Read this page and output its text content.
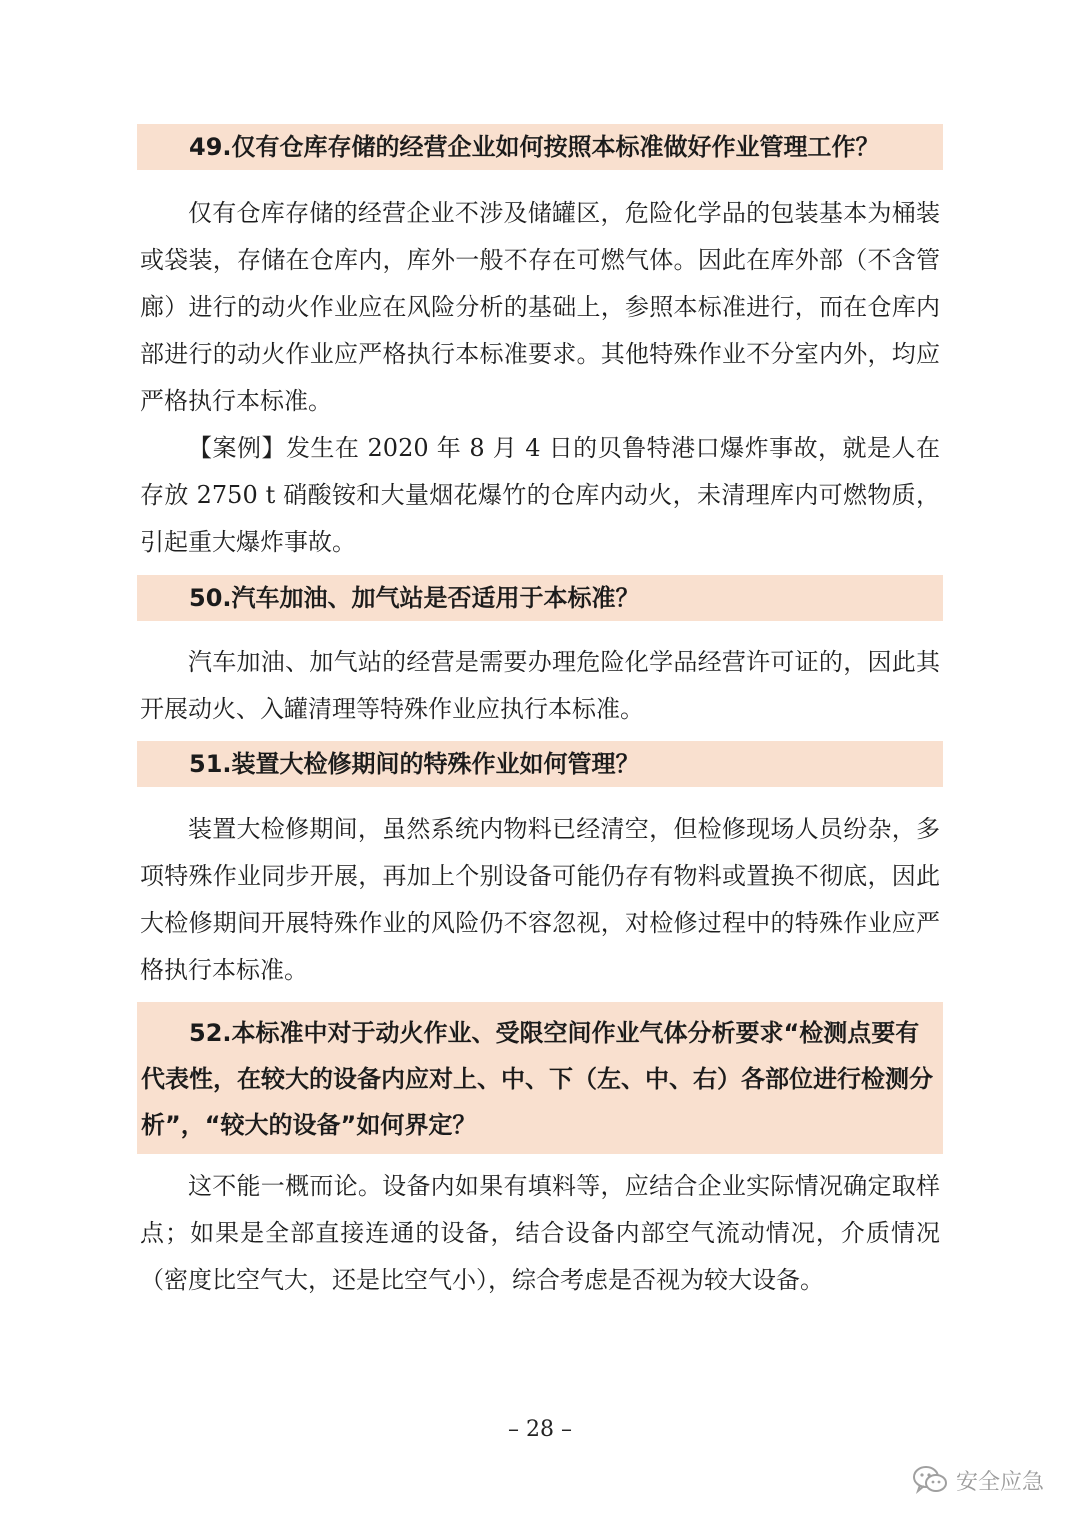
49.仅有仓库存储的经营企业如何按照本标准做好作业管理工作？

仅有仓库存储的经营企业不涉及储罐区，危险化学品的包装基本为桶装或袋装，存储在仓库内，库外一般不存在可燃气体。因此在库外部（不含管廊）进行的动火作业应在风险分析的基础上，参照本标准进行，而在仓库内部进行的动火作业应严格执行本标准要求。其他特殊作业不分室内外，均应严格执行本标准。

【案例】发生在 2020 年 8 月 4 日的贝鲁特港口爆炸事故，就是人在存放 2750 t 硝酸铵和大量烟花爆竹的仓库内动火，未清理库内可燃物质，引起重大爆炸事故。

50.汽车加油、加气站是否适用于本标准？

汽车加油、加气站的经营是需要办理危险化学品经营许可证的，因此其开展动火、入罐清理等特殊作业应执行本标准。

51.装置大检修期间的特殊作业如何管理？

装置大检修期间，虽然系统内物料已经清空，但检修现场人员纷杂，多项特殊作业同步开展，再加上个别设备可能仍存有物料或置换不彻底，因此大检修期间开展特殊作业的风险仍不容忽视，对检修过程中的特殊作业应严格执行本标准。

52.本标准中对于动火作业、受限空间作业气体分析要求“检测点要有代表性，在较大的设备内应对上、中、下（左、中、右）各部位进行检测分析”，“较大的设备”如何界定？

这不能一概而论。设备内如果有填料等，应结合企业实际情况确定取样点；如果是全部直接连通的设备，结合设备内部空气流动情况，介质情况（密度比空气大，还是比空气小），综合考虑是否视为较大设备。

– 28 –
安全应急
